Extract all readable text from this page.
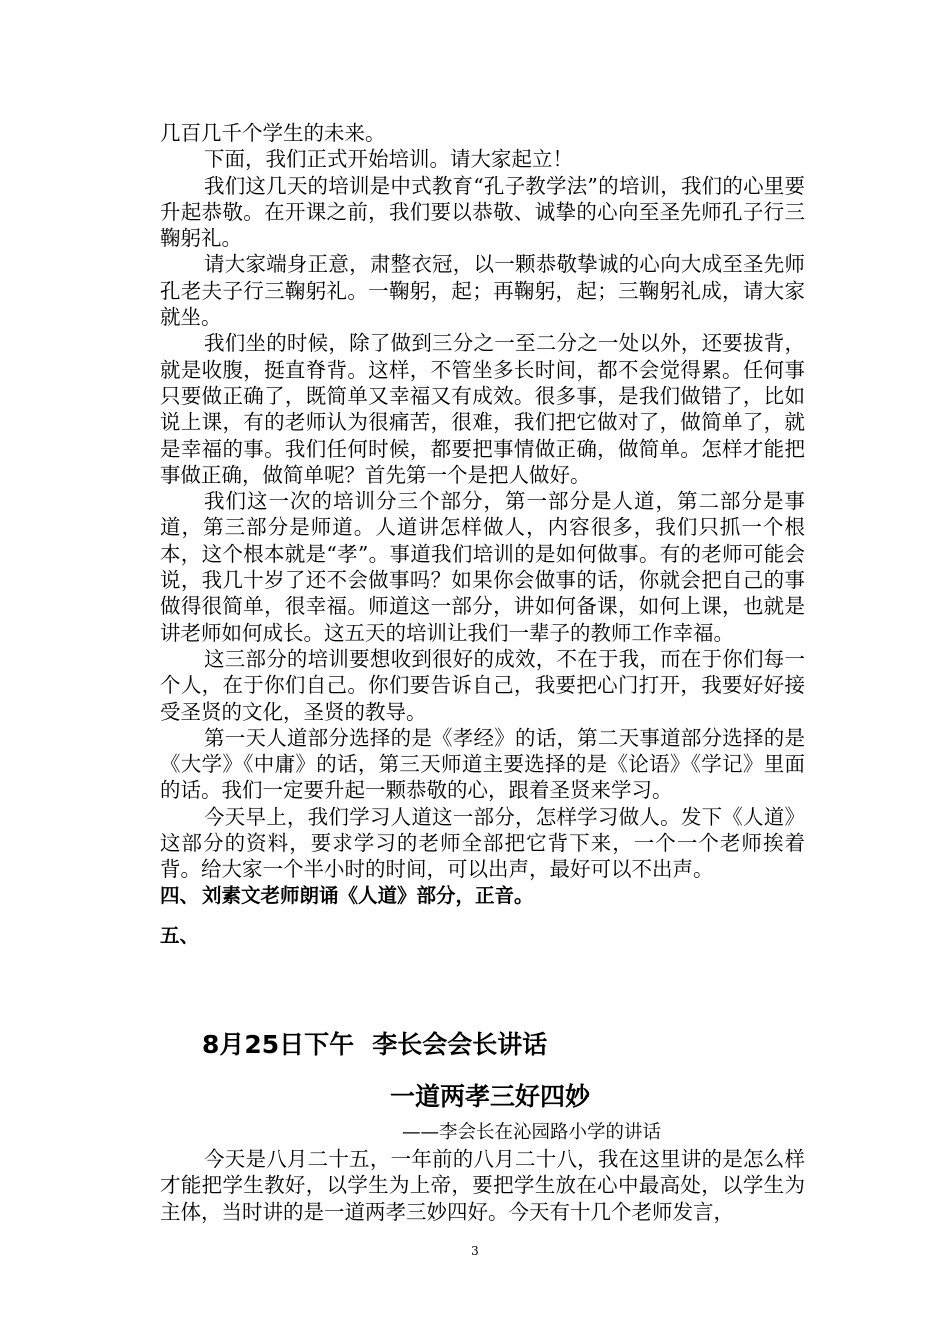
几百几千个学生的未来。

下面，我们正式开始培训。请大家起立！

我们这几天的培训是中式教育“孔子教学法”的培训，我们的心里要升起恭敬。在开课之前，我们要以恭敬、诚挚的心向至圣先师孔子行三鞠躬礼。

请大家端身正意，肃整衣冠，以一颗恭敬挚诚的心向大成至圣先师孔老夫子行三鞠躬礼。一鞠躬，起；再鞠躬，起；三鞠躬礼成，请大家就坐。

我们坐的时候，除了做到三分之一至二分之一处以外，还要拔背，就是收腹，挺直脊背。这样，不管坐多长时间，都不会觉得累。任何事只要做正确了，既简单又幸福又有成效。很多事，是我们做错了，比如说上课，有的老师认为很痛苦，很难，我们把它做对了，做简单了，就是幸福的事。我们任何时候，都要把事情做正确，做简单。怎样才能把事做正确，做简单呢？首先第一个是把人做好。

我们这一次的培训分三个部分，第一部分是人道，第二部分是事道，第三部分是师道。人道讲怎样做人，内容很多，我们只抓一个根本，这个根本就是“孝”。事道我们培训的是如何做事。有的老师可能会说，我几十岁了还不会做事吗？如果你会做事的话，你就会把自己的事做得很简单，很幸福。师道这一部分，讲如何备课，如何上课，也就是讲老师如何成长。这五天的培训让我们一辈子的教师工作幸福。

这三部分的培训要想收到很好的成效，不在于我，而在于你们每一个人，在于你们自己。你们要告诉自己，我要把心门打开，我要好好接受圣贤的文化，圣贤的教导。

第一天人道部分选择的是《孝经》的话，第二天事道部分选择的是《大学》《中庸》的话，第三天师道主要选择的是《论语》《学记》里面的话。我们一定要升起一颗恭敬的心，跟着圣贤来学习。

今天早上，我们学习人道这一部分，怎样学习做人。发下《人道》这部分的资料，要求学习的老师全部把它背下来，一个一个老师挨着背。给大家一个半小时的时间，可以出声，最好可以不出声。

四、 刘素文老师朗诵《人道》部分，正音。

五、

8月25日下午 李长会会长讲话
一道两孝三好四妙
——李会长在沁园路小学的讲话

今天是八月二十五，一年前的八月二十八，我在这里讲的是怎么样才能把学生教好，以学生为上帝，要把学生放在心中最高处，以学生为主体，当时讲的是一道两孝三妙四好。今天有十几个老师发言，

3
